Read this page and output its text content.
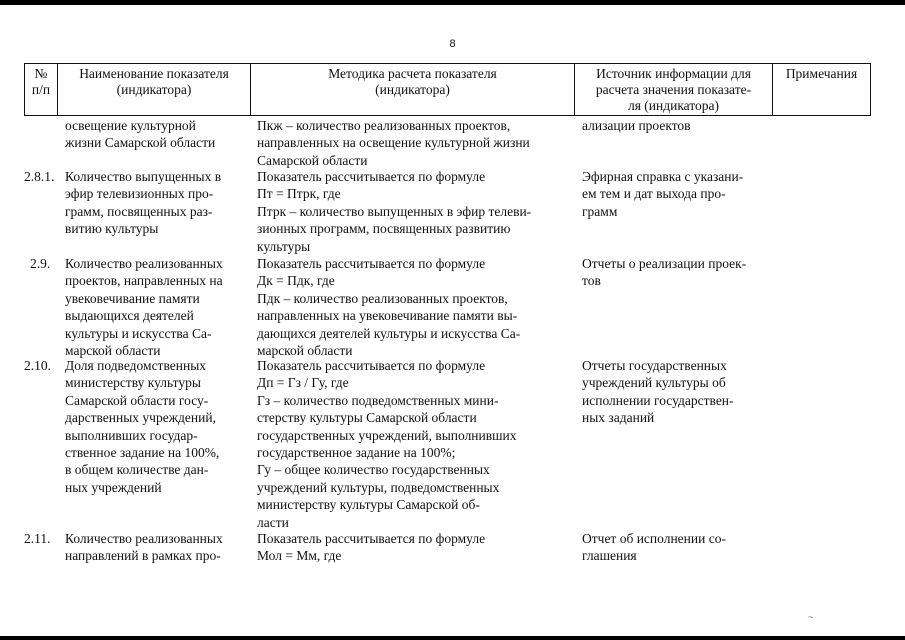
8
№
п/п
Наименование показателя
(индикатора)
Методика расчета показателя
(индикатора)
Источник информации для
расчета значения показате-
ля (индикатора)
Примечания
освещение культурной
жизни Самарской области
Пкж – количество реализованных проектов,
направленных на освещение культурной жизни
Самарской области
ализации проектов
2.8.1. Количество выпущенных в
эфир телевизионных про-
грамм, посвященных раз-
витию культуры
Показатель рассчитывается по формуле
Пт = Птрк, где
Птрк – количество выпущенных в эфир телеви-
зионных программ, посвященных развитию
культуры
Эфирная справка с указани-
ем тем и дат выхода про-
грамм
2.9. Количество реализованных
проектов, направленных на
увековечивание памяти
выдающихся деятелей
культуры и искусства Са-
марской области
Показатель рассчитывается по формуле
Дк = Пдк, где
Пдк – количество реализованных проектов,
направленных на увековечивание памяти вы-
дающихся деятелей культуры и искусства Са-
марской области
Отчеты о реализации проек-
тов
2.10. Доля подведомственных
министерству культуры
Самарской области госу-
дарственных учреждений,
выполнивших государ-
ственное задание на 100%,
в общем количестве дан-
ных учреждений
Показатель рассчитывается по формуле
Дп = Гз / Гу, где
Гз – количество подведомственных мини-
стерству культуры Самарской области
государственных учреждений, выполнивших
государственное задание на 100%;
Гу – общее количество государственных
учреждений культуры, подведомственных
министерству культуры Самарской об-
ласти
Отчеты государственных
учреждений культуры об
исполнении государствен-
ных заданий
2.11. Количество реализованных
направлений в рамках про-
Показатель рассчитывается по формуле
Мол = Мм, где
Отчет об исполнении со-
глашения
~
